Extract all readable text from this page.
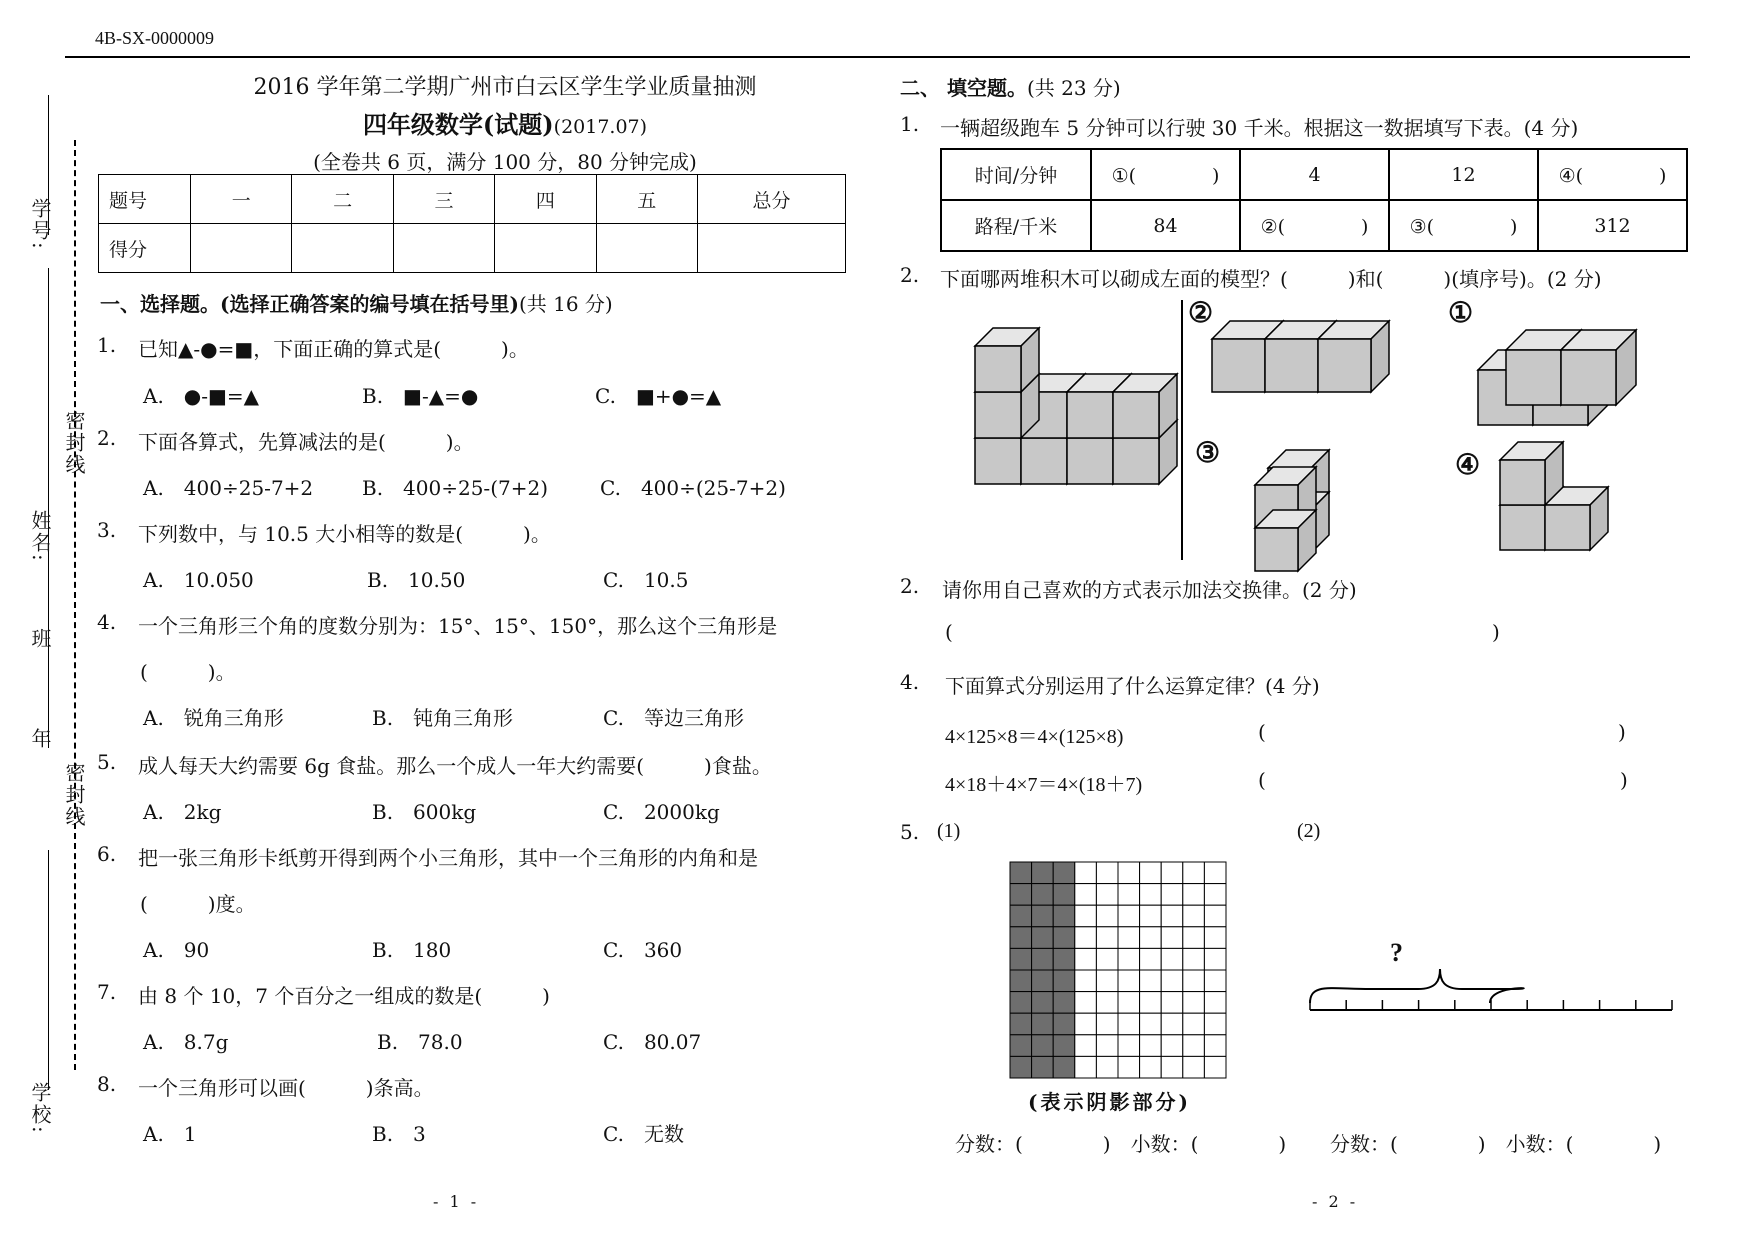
4B-SX-0000009
学号:
密封线
姓名:
班
年
密封线
学校:
2016 学年第二学期广州市白云区学生学业质量抽测
四年级数学(试题)(2017.07)
(全卷共 6 页，满分 100 分，80 分钟完成)
题号	一	二	三	四	五	总分
得分						
一、选择题。(选择正确答案的编号填在括号里)(共 16 分)
1. 已知▲-●=■，下面正确的算式是(　　　)。
A.　●-■=▲	B.　■-▲=●	C.　■+●=▲
2. 下面各算式，先算减法的是(　　　)。
A.　400÷25-7+2 B.　400÷25-(7+2)	C.　400÷(25-7+2)
3. 下列数中，与 10.5 大小相等的数是(　　　)。
A.　10.050	B.　10.50	C.　10.5
4. 一个三角形三个角的度数分别为：15°、15°、150°，那么这个三角形是
(　　　)。
A.　锐角三角形	B.　钝角三角形	C.　等边三角形
5. 成人每天大约需要 6g 食盐。那么一个成人一年大约需要(　　　)食盐。
A.　2kg	B.　600kg	C.　2000kg
6. 把一张三角形卡纸剪开得到两个小三角形，其中一个三角形的内角和是
(　　　)度。
A.　90	B.　180	C.　360
7. 由 8 个 10，7 个百分之一组成的数是(　　　)
A.　8.7g	B.　78.0	C.　80.07
8. 一个三角形可以画(　　　)条高。
A.　1	B.　3	C.　无数
- 1 -
二、 填空题。(共 23 分)
1. 一辆超级跑车 5 分钟可以行驶 30 千米。根据这一数据填写下表。(4 分)
时间/分钟	①(　　　　)	4	12	④(　　　　)
路程/千米	84	②(　　　　)	③(　　　　)	312
2. 下面哪两堆积木可以砌成左面的模型？(　　　)和(　　　)(填序号)。(2 分)
②	①
③	④
2. 请你用自己喜欢的方式表示加法交换律。(2 分)
(	)
4. 下面算式分别运用了什么运算定律？(4 分)
4×125×8＝4×(125×8)	(	)
4×18＋4×7＝4×(18＋7)	(	)
5. (1)	(2)
(表示阴影部分)
?
分数：(　　　　)　小数：(　　　　) 分数：(　　　　)　小数：(　　　　)
- 2 -
